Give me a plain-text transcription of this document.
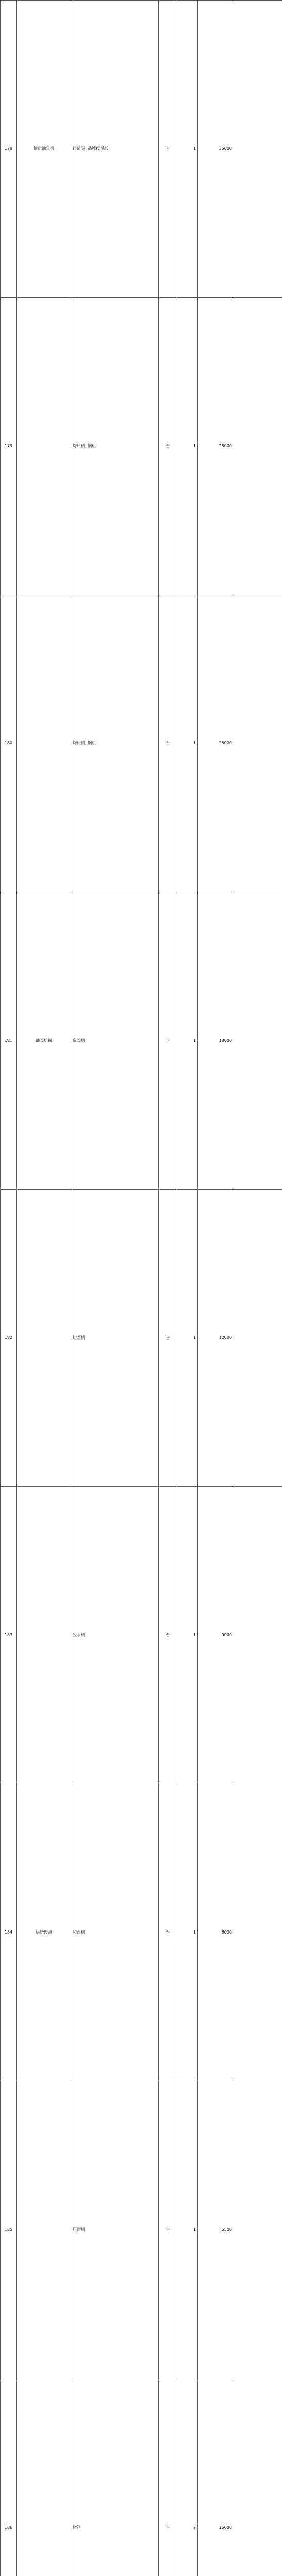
178	输送油泵机	铸造泵, 品牌按图纸	台	1	35000	
179		均质机, 钢机	台	1	28000	
180		均质机, 钢机	台	1	28000	
181	蔬菜机械	洗菜机	台	1	18000	
182		切菜机	台	1	12000	
183		脱水机	台	1	9000	
184	烘焙设备	和面机	台	1	6000	
185		压面机	台	1	5500	
186		烤箱	台	2	15000	
